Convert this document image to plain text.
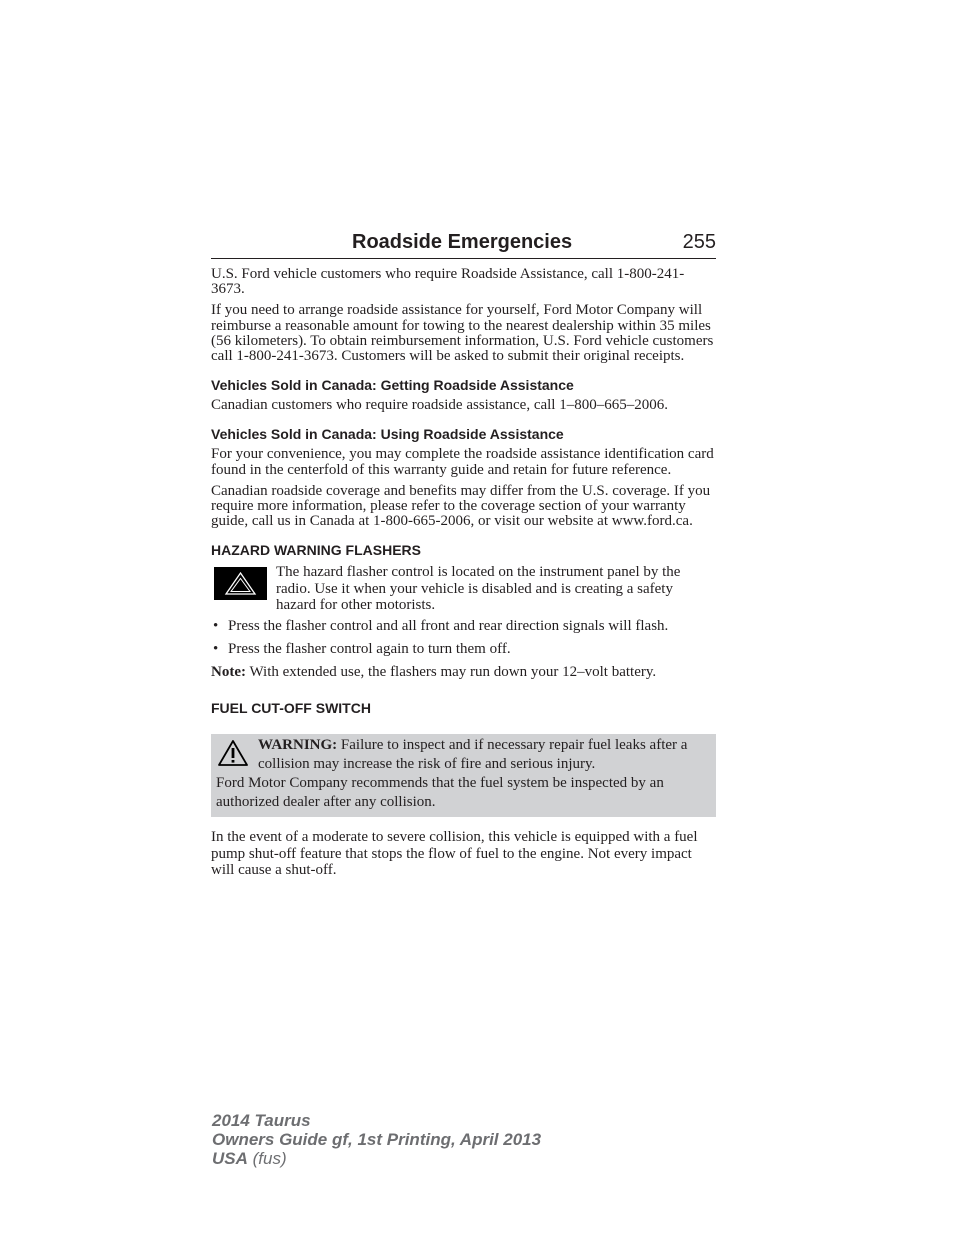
Roadside Emergencies	255

U.S. Ford vehicle customers who require Roadside Assistance, call 1-800-241-3673.

If you need to arrange roadside assistance for yourself, Ford Motor Company will reimburse a reasonable amount for towing to the nearest dealership within 35 miles (56 kilometers). To obtain reimbursement information, U.S. Ford vehicle customers call 1-800-241-3673. Customers will be asked to submit their original receipts.

Vehicles Sold in Canada: Getting Roadside Assistance

Canadian customers who require roadside assistance, call 1–800–665–2006.

Vehicles Sold in Canada: Using Roadside Assistance

For your convenience, you may complete the roadside assistance identification card found in the centerfold of this warranty guide and retain for future reference.

Canadian roadside coverage and benefits may differ from the U.S. coverage. If you require more information, please refer to the coverage section of your warranty guide, call us in Canada at 1-800-665-2006, or visit our website at www.ford.ca.

HAZARD WARNING FLASHERS

The hazard flasher control is located on the instrument panel by the radio. Use it when your vehicle is disabled and is creating a safety hazard for other motorists.

• Press the flasher control and all front and rear direction signals will flash.
• Press the flasher control again to turn them off.

Note: With extended use, the flashers may run down your 12–volt battery.

FUEL CUT-OFF SWITCH

WARNING: Failure to inspect and if necessary repair fuel leaks after a collision may increase the risk of fire and serious injury.

Ford Motor Company recommends that the fuel system be inspected by an authorized dealer after any collision.

In the event of a moderate to severe collision, this vehicle is equipped with a fuel pump shut-off feature that stops the flow of fuel to the engine. Not every impact will cause a shut-off.

2014 Taurus
Owners Guide gf, 1st Printing, April 2013
USA (fus)
